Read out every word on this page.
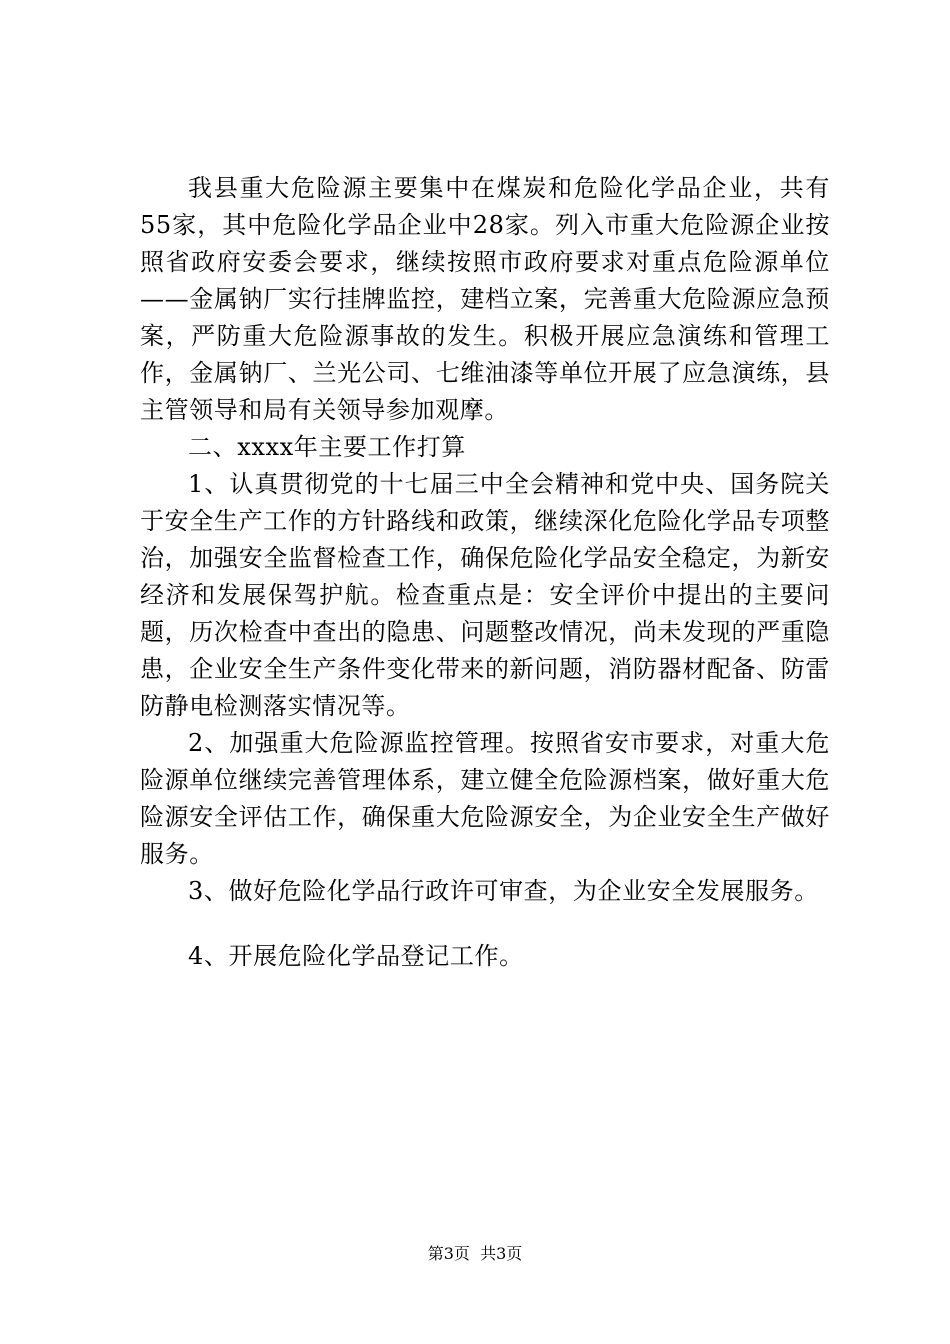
我县重大危险源主要集中在煤炭和危险化学品企业，共有55家，其中危险化学品企业中28家。列入市重大危险源企业按照省政府安委会要求，继续按照市政府要求对重点危险源单位——金属钠厂实行挂牌监控，建档立案，完善重大危险源应急预案，严防重大危险源事故的发生。积极开展应急演练和管理工作，金属钠厂、兰光公司、七维油漆等单位开展了应急演练，县主管领导和局有关领导参加观摩。

二、xxxx年主要工作打算

1、认真贯彻党的十七届三中全会精神和党中央、国务院关于安全生产工作的方针路线和政策，继续深化危险化学品专项整治，加强安全监督检查工作，确保危险化学品安全稳定，为新安经济和发展保驾护航。检查重点是：安全评价中提出的主要问题，历次检查中查出的隐患、问题整改情况，尚未发现的严重隐患，企业安全生产条件变化带来的新问题，消防器材配备、防雷防静电检测落实情况等。

2、加强重大危险源监控管理。按照省安市要求，对重大危险源单位继续完善管理体系，建立健全危险源档案，做好重大危险源安全评估工作，确保重大危险源安全，为企业安全生产做好服务。

3、做好危险化学品行政许可审查，为企业安全发展服务。

4、开展危险化学品登记工作。

第3页  共3页
